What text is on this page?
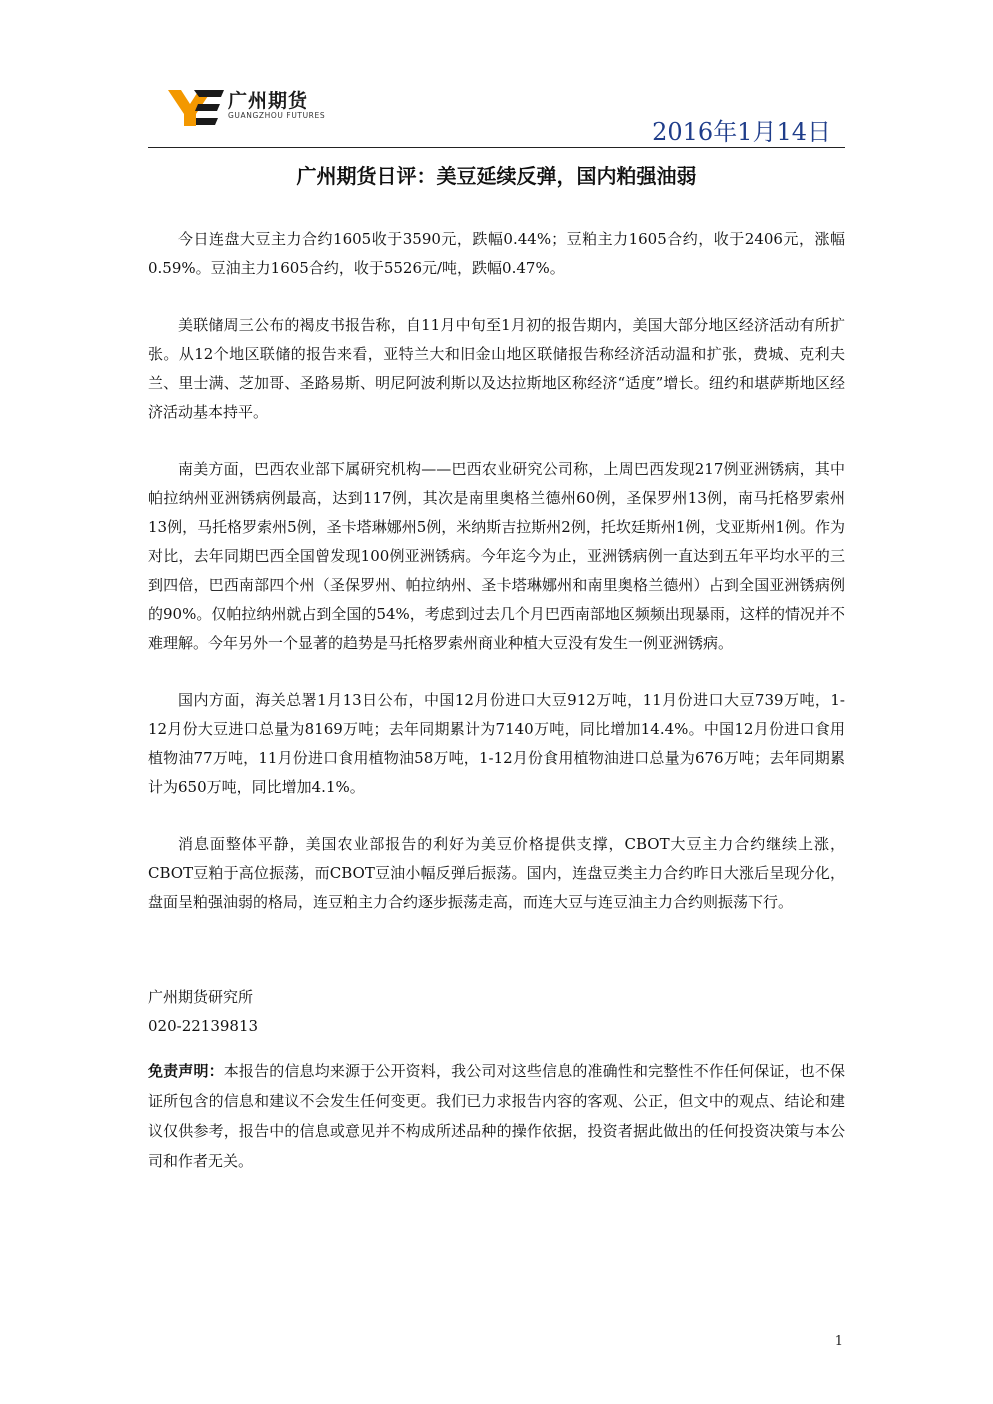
广州期货
GUANGZHOU FUTURES
2016年1月14日
广州期货日评：美豆延续反弹，国内粕强油弱

今日连盘大豆主力合约1605收于3590元，跌幅0.44%；豆粕主力1605合约，收于2406元，涨幅0.59%。豆油主力1605合约，收于5526元/吨，跌幅0.47%。

美联储周三公布的褐皮书报告称，自11月中旬至1月初的报告期内，美国大部分地区经济活动有所扩张。从12个地区联储的报告来看，亚特兰大和旧金山地区联储报告称经济活动温和扩张，费城、克利夫兰、里士满、芝加哥、圣路易斯、明尼阿波利斯以及达拉斯地区称经济“适度”增长。纽约和堪萨斯地区经济活动基本持平。

南美方面，巴西农业部下属研究机构——巴西农业研究公司称，上周巴西发现217例亚洲锈病，其中帕拉纳州亚洲锈病例最高，达到117例，其次是南里奥格兰德州60例，圣保罗州13例，南马托格罗索州13例，马托格罗索州5例，圣卡塔琳娜州5例，米纳斯吉拉斯州2例，托坎廷斯州1例，戈亚斯州1例。作为对比，去年同期巴西全国曾发现100例亚洲锈病。今年迄今为止，亚洲锈病例一直达到五年平均水平的三到四倍，巴西南部四个州（圣保罗州、帕拉纳州、圣卡塔琳娜州和南里奥格兰德州）占到全国亚洲锈病例的90%。仅帕拉纳州就占到全国的54%，考虑到过去几个月巴西南部地区频频出现暴雨，这样的情况并不难理解。今年另外一个显著的趋势是马托格罗索州商业种植大豆没有发生一例亚洲锈病。

国内方面，海关总署1月13日公布，中国12月份进口大豆912万吨，11月份进口大豆739万吨，1-12月份大豆进口总量为8169万吨；去年同期累计为7140万吨，同比增加14.4%。中国12月份进口食用植物油77万吨，11月份进口食用植物油58万吨，1-12月份食用植物油进口总量为676万吨；去年同期累计为650万吨，同比增加4.1%。

消息面整体平静，美国农业部报告的利好为美豆价格提供支撑，CBOT大豆主力合约继续上涨，CBOT豆粕于高位振荡，而CBOT豆油小幅反弹后振荡。国内，连盘豆类主力合约昨日大涨后呈现分化，盘面呈粕强油弱的格局，连豆粕主力合约逐步振荡走高，而连大豆与连豆油主力合约则振荡下行。

广州期货研究所
020-22139813
免责声明：本报告的信息均来源于公开资料，我公司对这些信息的准确性和完整性不作任何保证，也不保证所包含的信息和建议不会发生任何变更。我们已力求报告内容的客观、公正，但文中的观点、结论和建议仅供参考，报告中的信息或意见并不构成所述品种的操作依据，投资者据此做出的任何投资决策与本公司和作者无关。
1
